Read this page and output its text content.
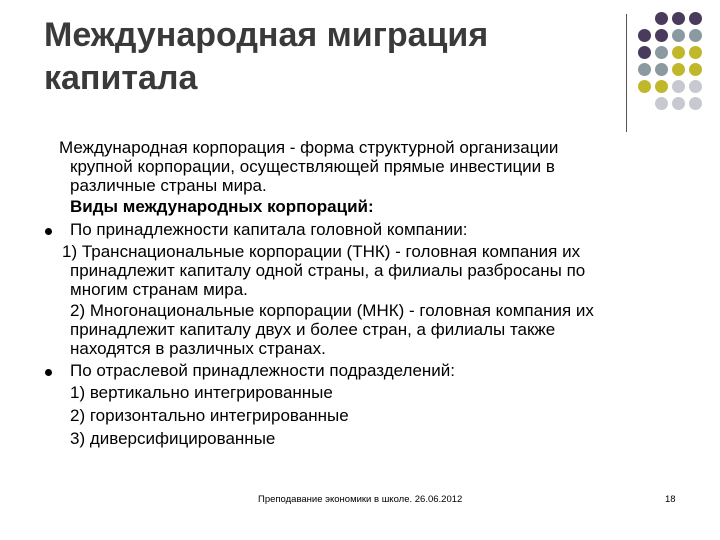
Международная миграция
капитала
Международная корпорация - форма структурной организации
крупной корпорации, осуществляющей прямые инвестиции в
различные страны мира.
Виды международных корпораций:
По принадлежности капитала головной компании:
1) Транснациональные корпорации (ТНК) - головная компания их
принадлежит капиталу одной страны, а филиалы разбросаны по
многим странам мира.
2) Многонациональные корпорации (МНК) - головная компания их
принадлежит капиталу двух и более стран, а филиалы также
находятся в различных странах.
По отраслевой принадлежности подразделений:
1) вертикально интегрированные
2) горизонтально интегрированные
3) диверсифицированные
Преподавание экономики в школе. 26.06.2012	18
